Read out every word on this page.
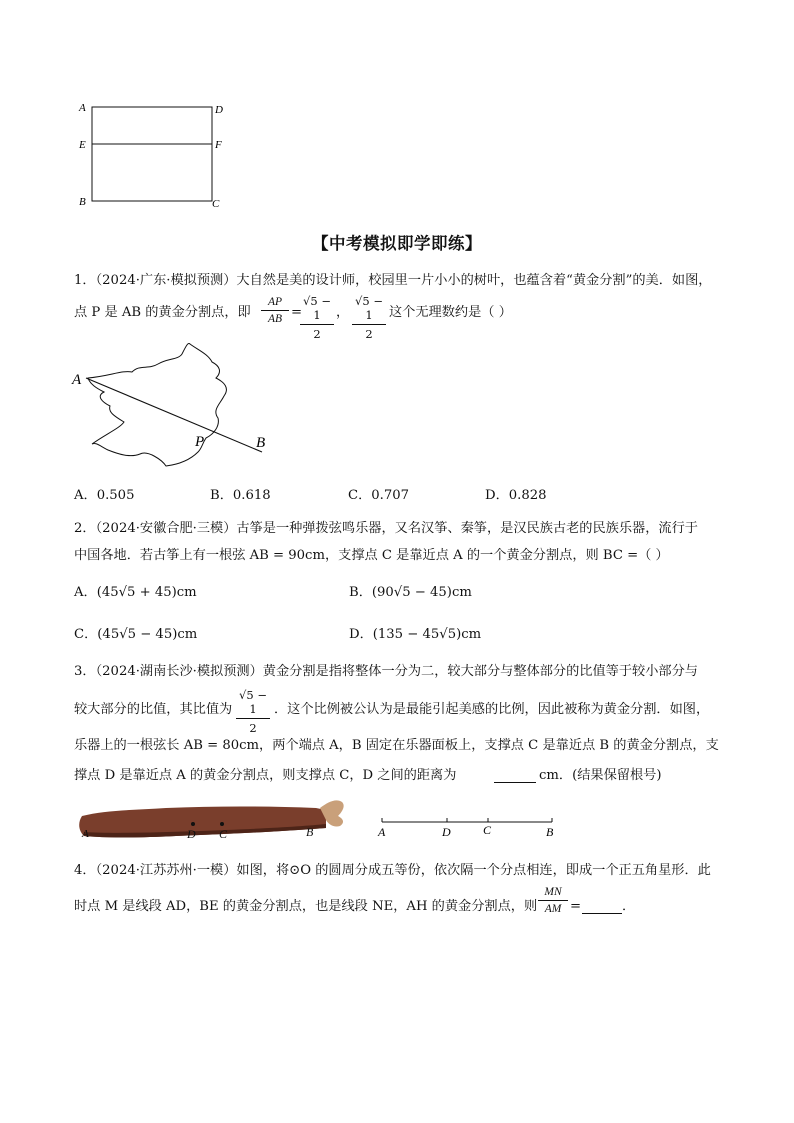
A	D
E	F
B	C
【中考模拟即学即练】
1．（2024·广东·模拟预测）大自然是美的设计师，校园里一片小小的树叶，也蕴含着“黄金分割”的美．如图，
点 P 是 AB 的黄金分割点，即
AP
AB =
√5 − 1
2
，
√5 − 1
2
这个无理数约是（ ）
A
P	B
A．0.505	B．0.618	C．0.707	D．0.828
2．（2024·安徽合肥·三模）古筝是一种弹拨弦鸣乐器，又名汉筝、秦筝，是汉民族古老的民族乐器，流行于
中国各地．若古筝上有一根弦 AB = 90cm，支撑点 C 是靠近点 A 的一个黄金分割点，则 BC =（ ）
A．(45√5 + 45)cm	B．(90√5 − 45)cm
C．(45√5 − 45)cm	D．(135 − 45√5)cm
3．（2024·湖南长沙·模拟预测）黄金分割是指将整体一分为二，较大部分与整体部分的比值等于较小部分与
较大部分的比值，其比值为
√5 − 1
2
．这个比例被公认为是最能引起美感的比例，因此被称为黄金分割．如图，
乐器上的一根弦长 AB = 80cm，两个端点 A，B 固定在乐器面板上，支撑点 C 是靠近点 B 的黄金分割点，支
撑点 D 是靠近点 A 的黄金分割点，则支撑点 C，D 之间的距离为	cm．(结果保留根号)
A	D C	B	A	D	C	B
4．（2024·江苏苏州·一模）如图，将⊙O 的圆周分成五等份，依次隔一个分点相连，即成一个正五角星形．此
时点 M 是线段 AD，BE 的黄金分割点，也是线段 NE，AH 的黄金分割点，则
MN
AM =	．
